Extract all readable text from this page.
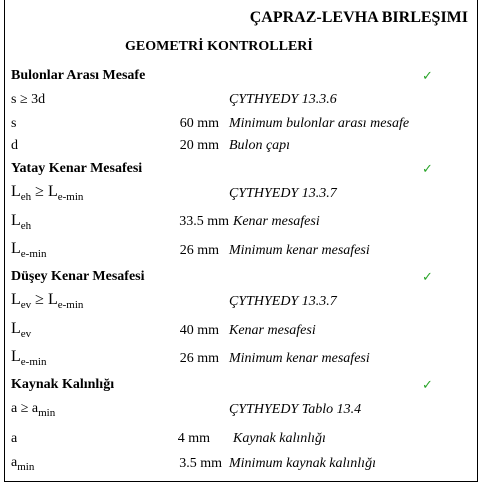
ÇAPRAZ-LEVHA BIRLEŞIMI
GEOMETRİ KONTROLLERİ
Bulonlar Arası Mesafe	✓
s ≥ 3d	ÇYTHYEDY 13.3.6
s	60 mm Minimum bulonlar arası mesafe
d	20 mm Bulon çapı
Yatay Kenar Mesafesi	✓
$L_{eh} \ge L_{e-min}$	ÇYTHYEDY 13.3.7
$L_{eh}$	33.5 mm Kenar mesafesi
$L_{e-min}$	26 mm Minimum kenar mesafesi
Düşey Kenar Mesafesi	✓
$L_{ev} \ge L_{e-min}$	ÇYTHYEDY 13.3.7
$L_{ev}$	40 mm Kenar mesafesi
$L_{e-min}$	26 mm Minimum kenar mesafesi
Kaynak Kalınlığı	✓
$a \ge a_{min}$	ÇYTHYEDY Tablo 13.4
a	4 mm Kaynak kalınlığı
$a_{min}$	3.5 mm Minimum kaynak kalınlığı
